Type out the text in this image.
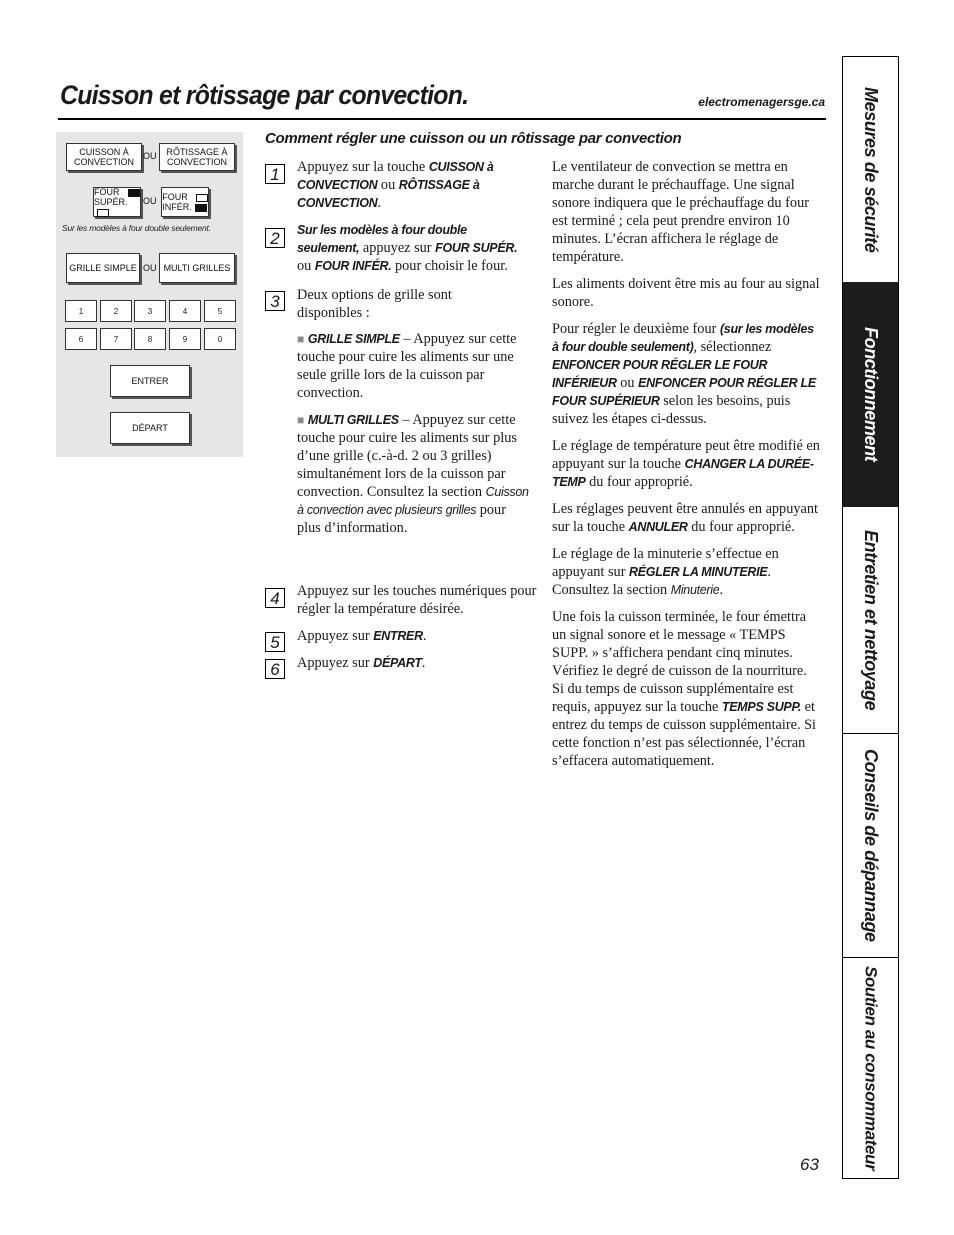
Cuisson et rôtissage par convection.	electromenagersge.ca
CUISSON À
CONVECTION
OU RÔTISSAGE À
CONVECTION
FOUR
SUPÉR.	OU FOUR
INFÉR.
Sur les modèles à four double seulement.
GRILLE SIMPLE OU MULTI GRILLES
1	2	3	4	5
6	7	8	9	0
ENTRER
DÉPART
Comment régler une cuisson ou un rôtissage par convection
1
2
3
4
5
6
Appuyez sur la touche CUISSON à CONVECTION ou RÔTISSAGE à CONVECTION.
Sur les modèles à four double seulement, appuyez sur FOUR SUPÉR. ou FOUR INFÉR. pour choisir le four.
Deux options de grille sont disponibles :
■ GRILLE SIMPLE – Appuyez sur cette touche pour cuire les aliments sur une seule grille lors de la cuisson par convection.
■ MULTI GRILLES – Appuyez sur cette touche pour cuire les aliments sur plus d’une grille (c.-à-d. 2 ou 3 grilles) simultanément lors de la cuisson par convection. Consultez la section Cuisson à convection avec plusieurs grilles pour plus d’information.
Appuyez sur les touches numériques pour régler la température désirée.
Appuyez sur ENTRER.
Appuyez sur DÉPART.

Le ventilateur de convection se mettra en marche durant le préchauffage. Une signal sonore indiquera que le préchauffage du four est terminé ; cela peut prendre environ 10 minutes. L’écran affichera le réglage de température.

Les aliments doivent être mis au four au signal sonore.

Pour régler le deuxième four (sur les modèles à four double seulement), sélectionnez ENFONCER POUR RÉGLER LE FOUR INFÉRIEUR ou ENFONCER POUR RÉGLER LE FOUR SUPÉRIEUR selon les besoins, puis suivez les étapes ci-dessus.

Le réglage de température peut être modifié en appuyant sur la touche CHANGER LA DURÉE-TEMP du four approprié.

Les réglages peuvent être annulés en appuyant sur la touche ANNULER du four approprié.

Le réglage de la minuterie s’effectue en appuyant sur RÉGLER LA MINUTERIE. Consultez la section Minuterie.

Une fois la cuisson terminée, le four émettra un signal sonore et le message « TEMPS SUPP. » s’affichera pendant cinq minutes. Vérifiez le degré de cuisson de la nourriture. Si du temps de cuisson supplémentaire est requis, appuyez sur la touche TEMPS SUPP. et entrez du temps de cuisson supplémentaire. Si cette fonction n’est pas sélectionnée, l’écran s’effacera automatiquement.

63
Mesures de sécurité
Fonctionnement
Entretien et nettoyage
Conseils de dépannage
Soutien au consommateur
